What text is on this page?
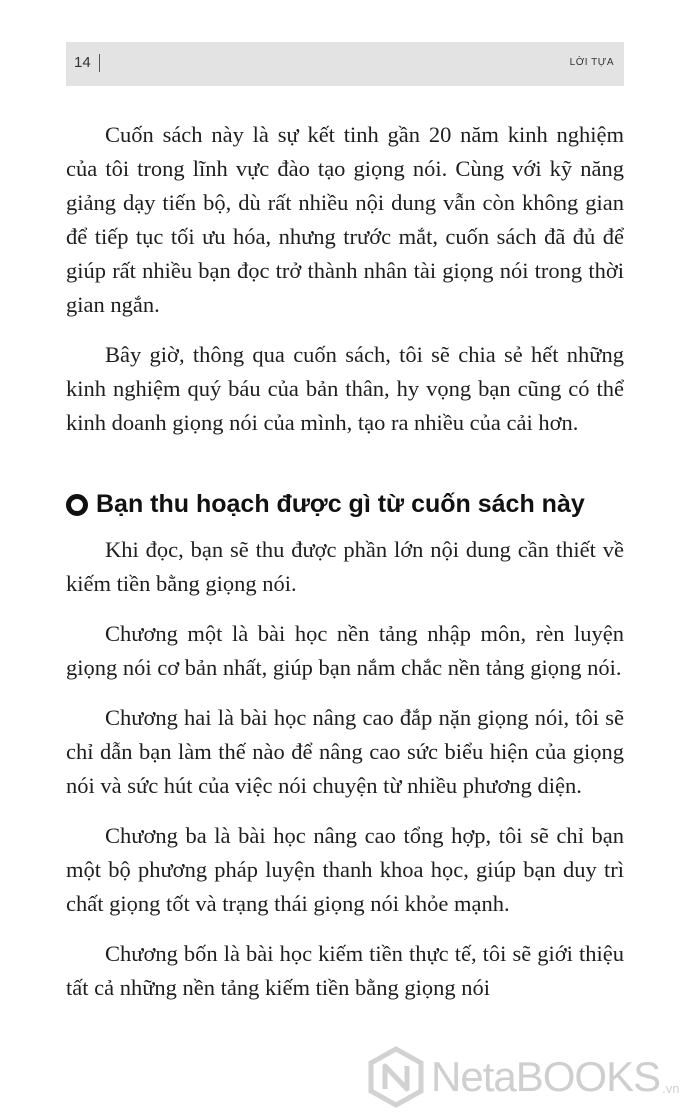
14	LỜI TỰA

Cuốn sách này là sự kết tinh gần 20 năm kinh nghiệm của tôi trong lĩnh vực đào tạo giọng nói. Cùng với kỹ năng giảng dạy tiến bộ, dù rất nhiều nội dung vẫn còn không gian để tiếp tục tối ưu hóa, nhưng trước mắt, cuốn sách đã đủ để giúp rất nhiều bạn đọc trở thành nhân tài giọng nói trong thời gian ngắn.

Bây giờ, thông qua cuốn sách, tôi sẽ chia sẻ hết những kinh nghiệm quý báu của bản thân, hy vọng bạn cũng có thể kinh doanh giọng nói của mình, tạo ra nhiều của cải hơn.

Bạn thu hoạch được gì từ cuốn sách này

Khi đọc, bạn sẽ thu được phần lớn nội dung cần thiết về kiếm tiền bằng giọng nói.

Chương một là bài học nền tảng nhập môn, rèn luyện giọng nói cơ bản nhất, giúp bạn nắm chắc nền tảng giọng nói.

Chương hai là bài học nâng cao đắp nặn giọng nói, tôi sẽ chỉ dẫn bạn làm thế nào để nâng cao sức biểu hiện của giọng nói và sức hút của việc nói chuyện từ nhiều phương diện.

Chương ba là bài học nâng cao tổng hợp, tôi sẽ chỉ bạn một bộ phương pháp luyện thanh khoa học, giúp bạn duy trì chất giọng tốt và trạng thái giọng nói khỏe mạnh.

Chương bốn là bài học kiếm tiền thực tế, tôi sẽ giới thiệu tất cả những nền tảng kiếm tiền bằng giọng nói

NetaBOOKS .vn
